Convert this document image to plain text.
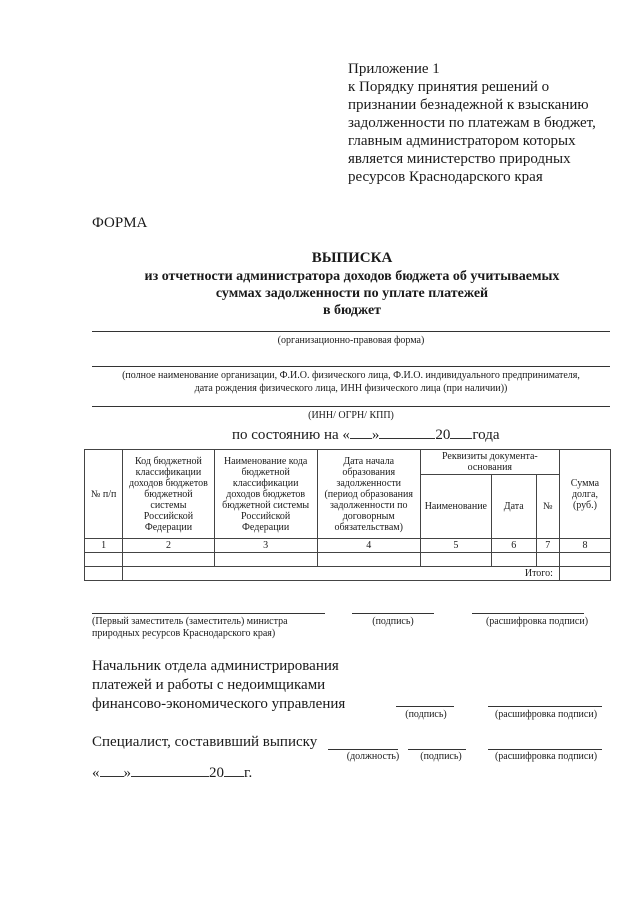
Приложение 1
к Порядку принятия решений о
признании безнадежной к взысканию
задолженности по платежам в бюджет,
главным администратором которых
является министерство природных
ресурсов Краснодарского края
ФОРМА
ВЫПИСКА
из отчетности администратора доходов бюджета об учитываемых
суммах задолженности по уплате платежей
в бюджет
(организационно-правовая форма)
(полное наименование организации, Ф.И.О. физического лица, Ф.И.О. индивидуального предпринимателя,
дата рождения физического лица, ИНН физического лица (при наличии))
(ИНН/ ОГРН/ КПП)
по состоянию на « »	20 года
№ п/п	Код бюджетной классификации доходов бюджетов бюджетной системы Российской Федерации	Наименование кода бюджетной классификации доходов бюджетов бюджетной системы Российской Федерации	Дата начала образования задолженности (период образования задолженности по договорным обязательствам)	Реквизиты документа-основания			Сумма долга, (руб.)
				Наименование	Дата	№	
1	2	3	4	5	6	7	8

	Итого:						
(Первый заместитель (заместитель) министра
природных ресурсов Краснодарского края)
(подпись)	(расшифровка подписи)
Начальник отдела администрирования
платежей и работы с недоимщиками
финансово-экономического управления
(подпись)	(расшифровка подписи)
Специалист, составивший выписку
(должность)	(подпись)	(расшифровка подписи)
« »	20 г.
